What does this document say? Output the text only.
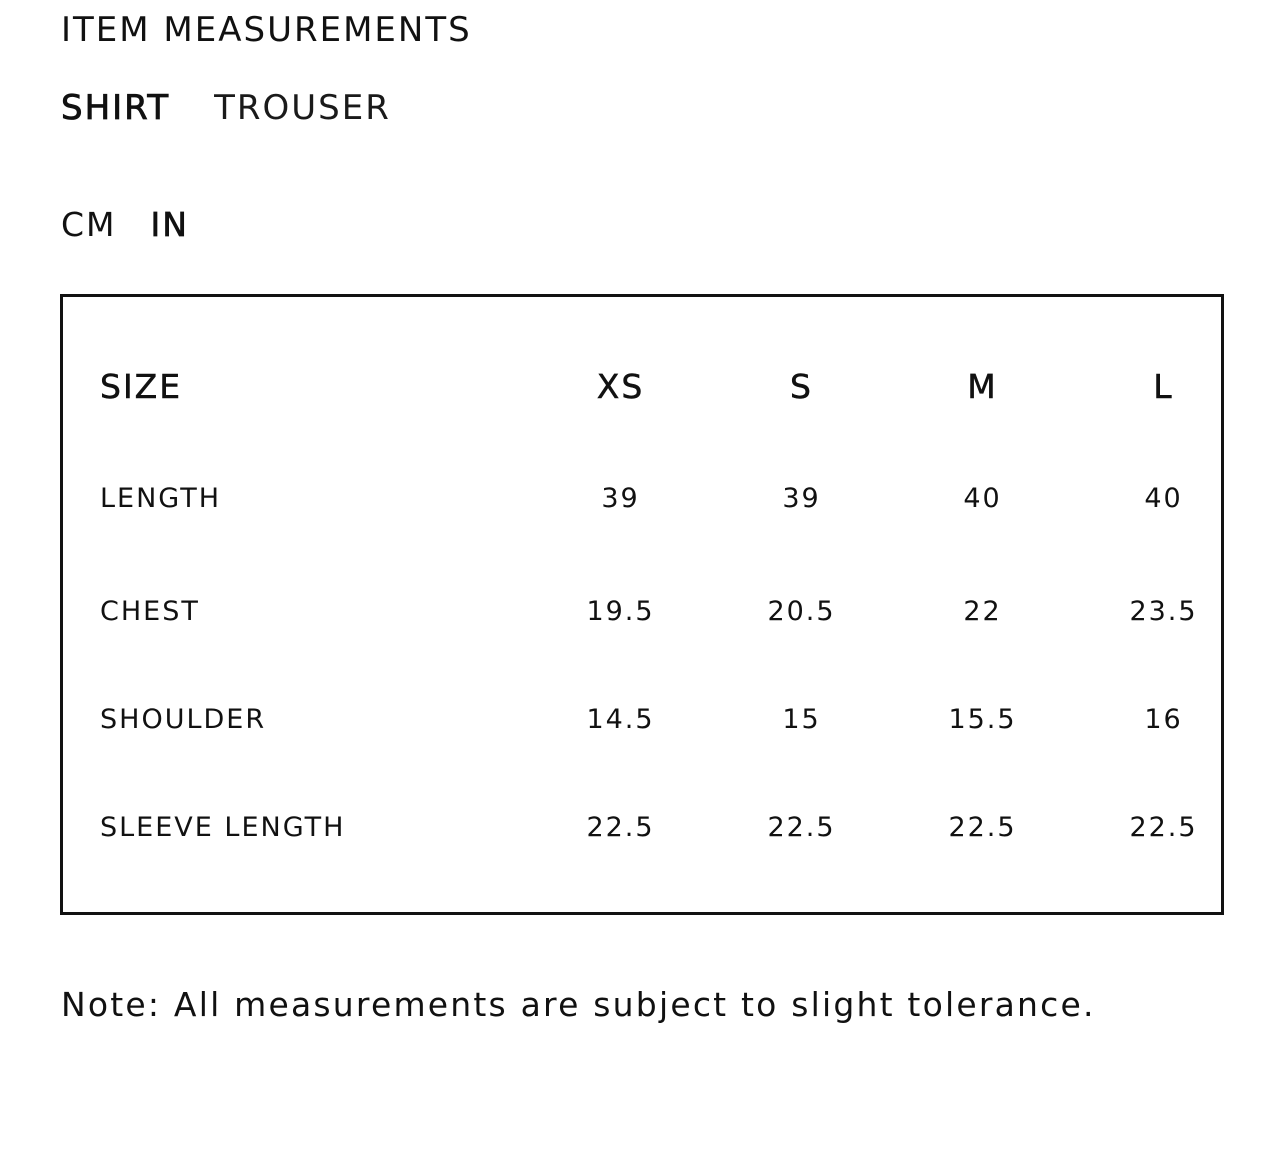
ITEM MEASUREMENTS
SHIRT TROUSER
CM IN
SIZE	XS	S	M	L
LENGTH	39	39	40	40
CHEST	19.5	20.5	22	23.5
SHOULDER	14.5	15	15.5	16
SLEEVE LENGTH	22.5	22.5	22.5	22.5
Note: All measurements are subject to slight tolerance.
